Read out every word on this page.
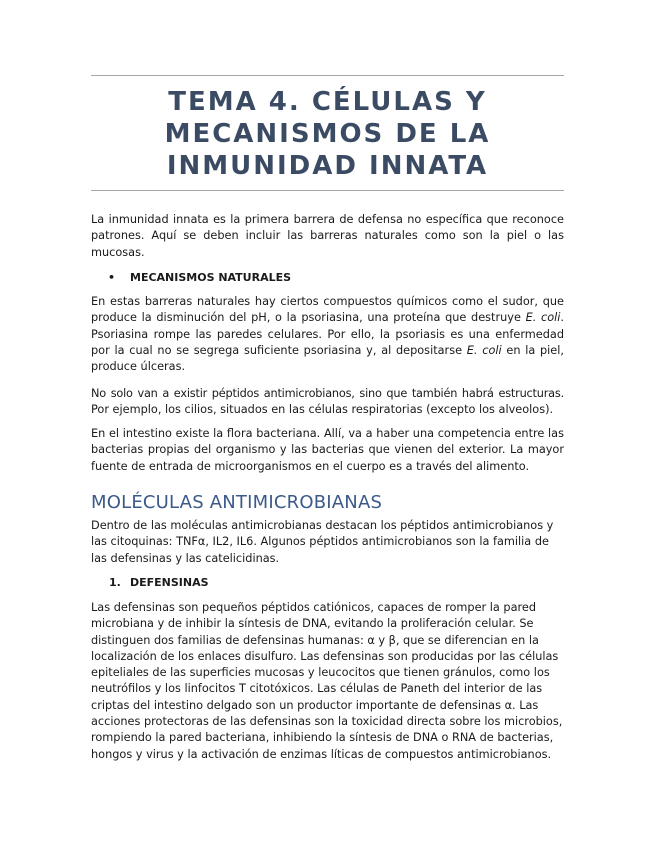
TEMA 4. CÉLULAS Y
MECANISMOS DE LA
INMUNIDAD INNATA

La inmunidad innata es la primera barrera de defensa no específica que reconoce
patrones. Aquí se deben incluir las barreras naturales como son la piel o las
mucosas.

• MECANISMOS NATURALES

En estas barreras naturales hay ciertos compuestos químicos como el sudor, que
produce la disminución del pH, o la psoriasina, una proteína que destruye E. coli.
Psoriasina rompe las paredes celulares. Por ello, la psoriasis es una enfermedad
por la cual no se segrega suficiente psoriasina y, al depositarse E. coli en la piel,
produce úlceras.

No solo van a existir péptidos antimicrobianos, sino que también habrá estructuras.
Por ejemplo, los cilios, situados en las células respiratorias (excepto los alveolos).

En el intestino existe la flora bacteriana. Allí, va a haber una competencia entre las
bacterias propias del organismo y las bacterias que vienen del exterior. La mayor
fuente de entrada de microorganismos en el cuerpo es a través del alimento.

MOLÉCULAS ANTIMICROBIANAS

Dentro de las moléculas antimicrobianas destacan los péptidos antimicrobianos y
las citoquinas: TNFα, IL2, IL6. Algunos péptidos antimicrobianos son la familia de
las defensinas y las catelicidinas.

1. DEFENSINAS

Las defensinas son pequeños péptidos catiónicos, capaces de romper la pared
microbiana y de inhibir la síntesis de DNA, evitando la proliferación celular. Se
distinguen dos familias de defensinas humanas: α y β, que se diferencian en la
localización de los enlaces disulfuro. Las defensinas son producidas por las células
epiteliales de las superficies mucosas y leucocitos que tienen gránulos, como los
neutrófilos y los linfocitos T citotóxicos. Las células de Paneth del interior de las
criptas del intestino delgado son un productor importante de defensinas α. Las
acciones protectoras de las defensinas son la toxicidad directa sobre los microbios,
rompiendo la pared bacteriana, inhibiendo la síntesis de DNA o RNA de bacterias,
hongos y virus y la activación de enzimas líticas de compuestos antimicrobianos.
